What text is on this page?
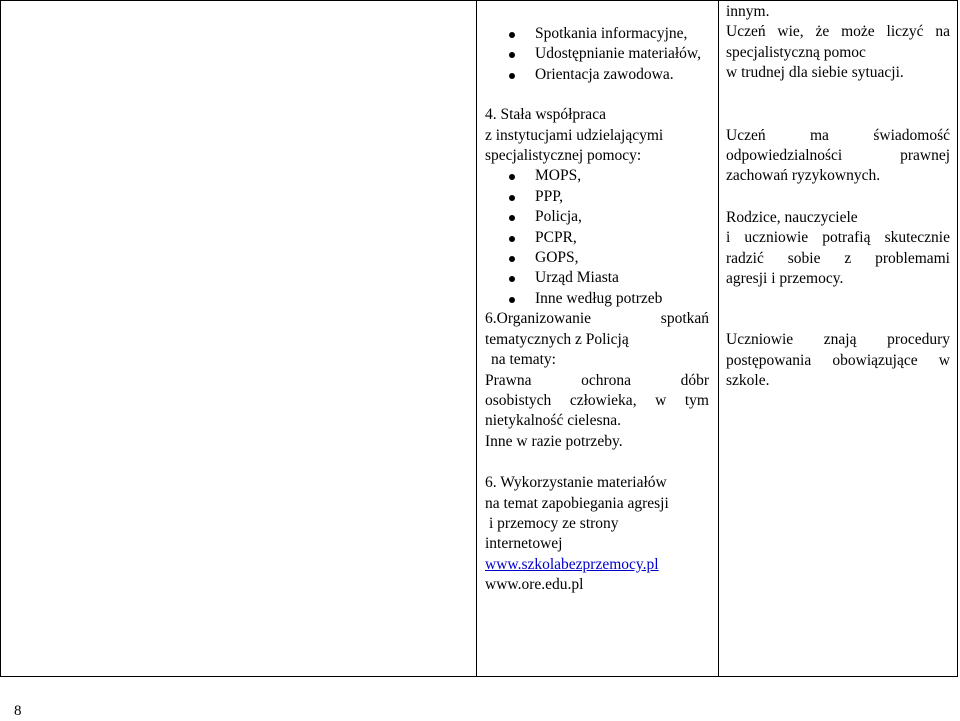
Spotkania informacyjne,
Udostępnianie materiałów,
Orientacja zawodowa.

4. Stała współpraca

z instytucjami udzielającymi

specjalistycznej pomocy:

MOPS,
PPP,
Policja,
PCPR,
GOPS,
Urząd Miasta
Inne według potrzeb

6.Organizowanie	spotkań

tematycznych z Policją

na tematy:

Prawna ochrona dóbr

osobistych człowieka, w tym

nietykalność cielesna.

Inne w razie potrzeby.

6. Wykorzystanie materiałów

na temat zapobiegania agresji

i przemocy ze strony

internetowej

www.szkolabezprzemocy.pl

www.ore.edu.pl

innym.

Uczeń wie, że może liczyć na

specjalistyczną pomoc

w trudnej dla siebie sytuacji.

Uczeń ma świadomość

odpowiedzialności prawnej

zachowań ryzykownych.

Rodzice, nauczyciele

i uczniowie potrafią skutecznie

radzić sobie z problemami

agresji i przemocy.

Uczniowie znają procedury

postępowania obowiązujące w

szkole.

8
